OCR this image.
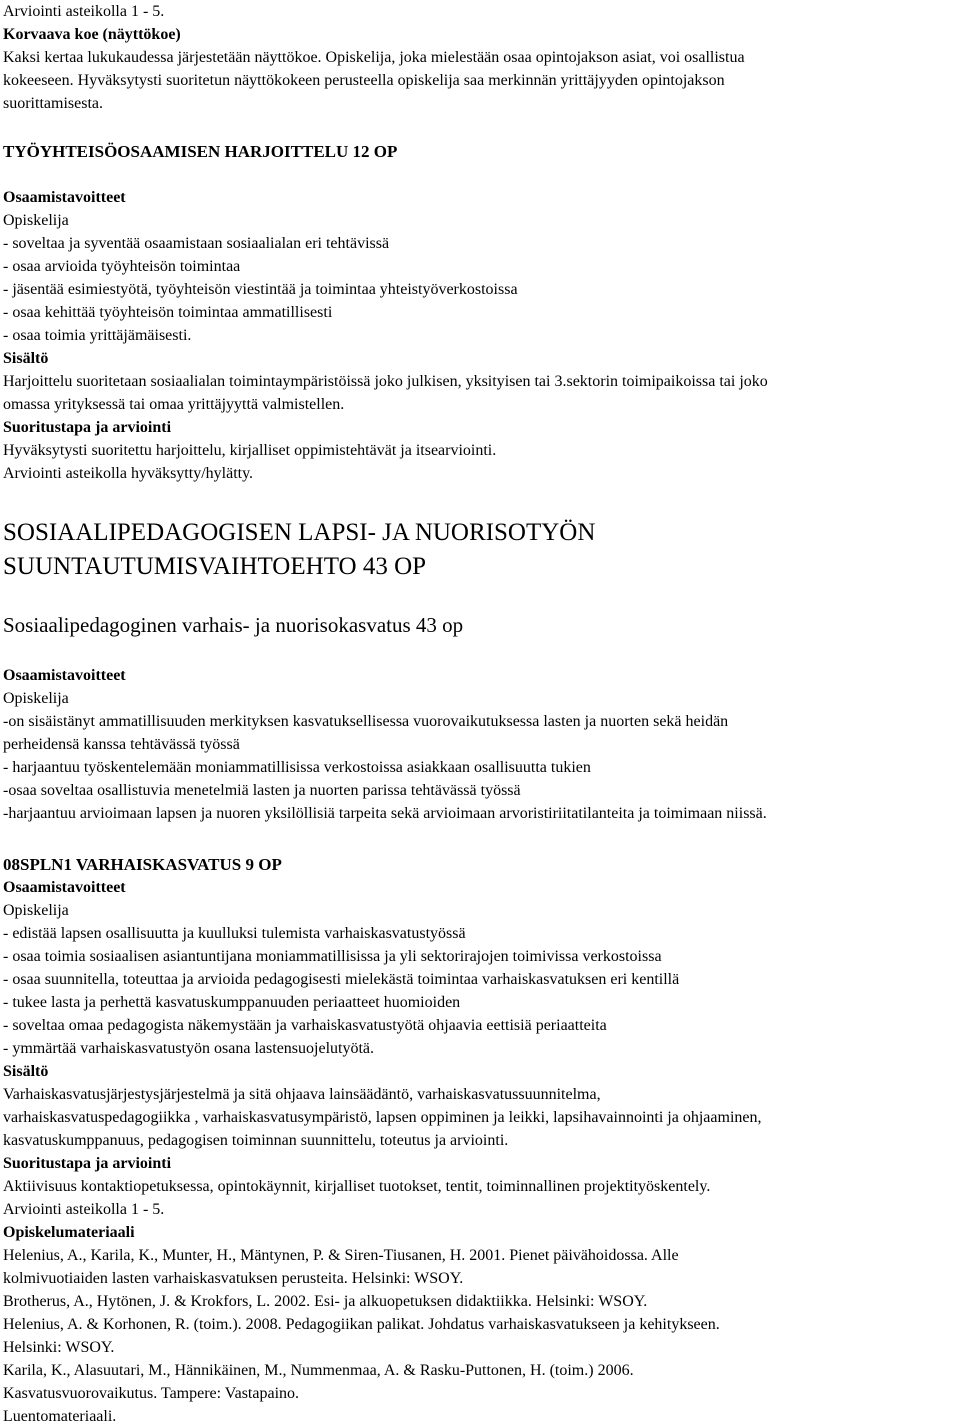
Arviointi asteikolla 1 - 5.

Korvaava koe (näyttökoe)

Kaksi kertaa lukukaudessa järjestetään näyttökoe. Opiskelija, joka mielestään osaa opintojakson asiat, voi osallistua

kokeeseen. Hyväksytysti suoritetun näyttökokeen perusteella opiskelija saa merkinnän yrittäjyyden opintojakson

suorittamisesta.

TYÖYHTEISÖOSAAMISEN HARJOITTELU 12 OP

Osaamistavoitteet

Opiskelija

- soveltaa ja syventää osaamistaan sosiaalialan eri tehtävissä

- osaa arvioida työyhteisön toimintaa

- jäsentää esimiestyötä, työyhteisön viestintää ja toimintaa yhteistyöverkostoissa

- osaa kehittää työyhteisön toimintaa ammatillisesti

- osaa toimia yrittäjämäisesti.

Sisältö

Harjoittelu suoritetaan sosiaalialan toimintaympäristöissä joko julkisen, yksityisen tai 3.sektorin toimipaikoissa tai joko

omassa yrityksessä tai omaa yrittäjyyttä valmistellen.

Suoritustapa ja arviointi

Hyväksytysti suoritettu harjoittelu, kirjalliset oppimistehtävät ja itsearviointi.

Arviointi asteikolla hyväksytty/hylätty.

SOSIAALIPEDAGOGISEN LAPSI- JA NUORISOTYÖN

SUUNTAUTUMISVAIHTOEHTO 43 OP

Sosiaalipedagoginen varhais- ja nuorisokasvatus 43 op

Osaamistavoitteet

Opiskelija

-on sisäistänyt ammatillisuuden merkityksen kasvatuksellisessa vuorovaikutuksessa lasten ja nuorten sekä heidän

perheidensä kanssa tehtävässä työssä

- harjaantuu työskentelemään moniammatillisissa verkostoissa asiakkaan osallisuutta tukien

-osaa soveltaa osallistuvia menetelmiä lasten ja nuorten parissa tehtävässä työssä

-harjaantuu arvioimaan lapsen ja nuoren yksilöllisiä tarpeita sekä arvioimaan arvoristiriitatilanteita ja toimimaan niissä.

08SPLN1 VARHAISKASVATUS 9 OP

Osaamistavoitteet

Opiskelija

- edistää lapsen osallisuutta ja kuulluksi tulemista varhaiskasvatustyössä

- osaa toimia sosiaalisen asiantuntijana moniammatillisissa ja yli sektorirajojen toimivissa verkostoissa

- osaa suunnitella, toteuttaa ja arvioida pedagogisesti mielekästä toimintaa varhaiskasvatuksen eri kentillä

- tukee lasta ja perhettä kasvatuskumppanuuden periaatteet huomioiden

- soveltaa omaa pedagogista näkemystään ja varhaiskasvatustyötä ohjaavia eettisiä periaatteita

- ymmärtää varhaiskasvatustyön osana lastensuojelutyötä.

Sisältö

Varhaiskasvatusjärjestysjärjestelmä ja sitä ohjaava lainsäädäntö, varhaiskasvatussuunnitelma,

varhaiskasvatuspedagogiikka , varhaiskasvatusympäristö, lapsen oppiminen ja leikki, lapsihavainnointi ja ohjaaminen,

kasvatuskumppanuus, pedagogisen toiminnan suunnittelu, toteutus ja arviointi.

Suoritustapa ja arviointi

Aktiivisuus kontaktiopetuksessa, opintokäynnit, kirjalliset tuotokset, tentit, toiminnallinen projektityöskentely.

Arviointi asteikolla 1 - 5.

Opiskelumateriaali

Helenius, A., Karila, K., Munter, H., Mäntynen, P. & Siren-Tiusanen, H. 2001. Pienet päivähoidossa. Alle

kolmivuotiaiden lasten varhaiskasvatuksen perusteita. Helsinki: WSOY.

Brotherus, A., Hytönen, J. & Krokfors, L. 2002. Esi- ja alkuopetuksen didaktiikka. Helsinki: WSOY.

Helenius, A. & Korhonen, R. (toim.). 2008. Pedagogiikan palikat. Johdatus varhaiskasvatukseen ja kehitykseen.

Helsinki: WSOY.

Karila, K., Alasuutari, M., Hännikäinen, M., Nummenmaa, A. & Rasku-Puttonen, H. (toim.) 2006.

Kasvatusvuorovaikutus. Tampere: Vastapaino.

Luentomateriaali.
